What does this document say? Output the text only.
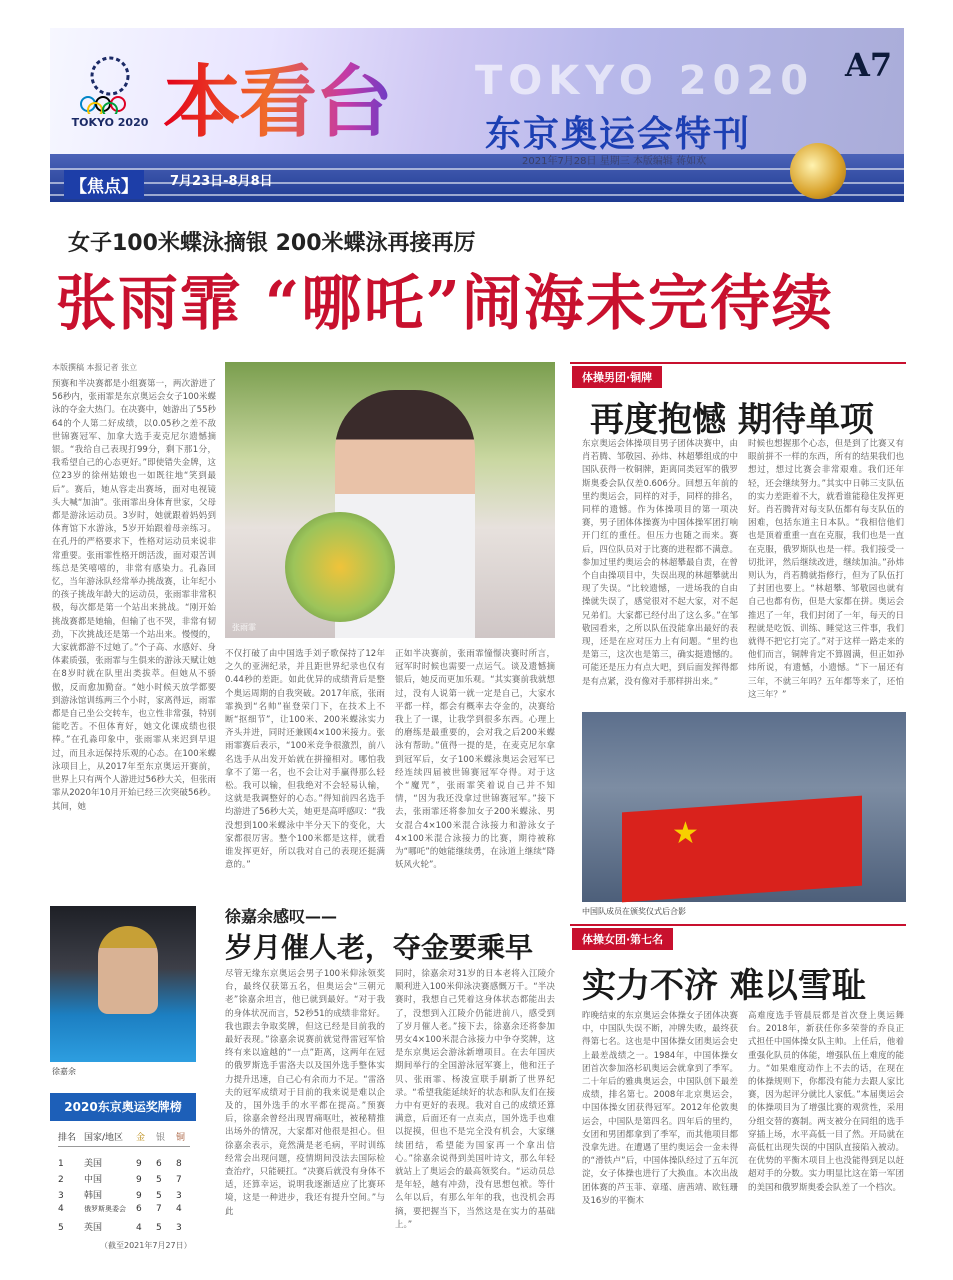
TOKYO 2020 本看台 TOKYO 2020
东京奥运会特刊
2021年7月28日 星期三 本版编辑 蒋如欢
【焦点】	7月23日-8月8日
A7
女子100米蝶泳摘银 200米蝶泳再接再厉
张雨霏 “哪吒”闹海未完待续
本版撰稿 本报记者 张立
预赛和半决赛都是小组赛第一，两次游进了56秒内，张雨霏是东京奥运会女子100米蝶泳的夺金大热门。在决赛中，她游出了55秒64的个人第二好成绩，以0.05秒之差不敌世锦赛冠军、加拿大选手麦克尼尔遗憾摘银。“我给自己表现打99分，剩下那1分，我希望自己的心态更好。”即使错失金牌，这位23岁的徐州姑娘也一如既往地“笑到最后”。赛后，她从容走出赛场，面对电视镜头大喊“加油”。张雨霏出身体育世家，父母都是游泳运动员。3岁时，她就跟着妈妈到体育馆下水游泳，5岁开始跟着母亲练习。在孔丹的严格要求下，性格对运动员来说非常重要。张雨霏性格开朗活泼，面对艰苦训练总是笑嘻嘻的，非常有感染力。孔淼回忆，当年游泳队经常举办挑战赛，让年纪小的孩子挑战年龄大的运动员，张雨霏非常积极，每次都是第一个站出来挑战。“刚开始挑战赛都是她输，但输了也不哭，非常有韧劲，下次挑战还是第一个站出来。慢慢的，大家就都游不过她了。”个子高、水感好、身体素质强，张雨霏与生俱来的游泳天赋让她在8岁时就在队里出类拔萃。但她从不骄傲，反而愈加勤奋。“她小时候天放学都要到游泳馆训练两三个小时，家离得远，雨霏都是自己坐公交转车，也立性非常强，特别能吃苦。不但体育好，她文化课成绩也很棒。”在孔淼印象中，张雨霏从来迟到早退过，而且永远保持乐观的心态。在100米蝶泳项目上，从2017年至东京奥运开赛前，世界上只有两个人游进过56秒大关，但张雨霏从2020年10月开始已经三次突破56秒。其间，她
张雨霏
不仅打破了由中国选手刘子歌保持了12年之久的亚洲纪录，并且距世界纪录也仅有0.44秒的差距。如此优异的成绩背后是整个奥运周期的自我突破。2017年底，张雨霏换到“名帅”崔登荣门下，在技术上不断“抠细节”，让100米、200米蝶泳实力齐头并进，同时还兼顾4×100米接力。张雨霏赛后表示，“100米竞争很激烈，前八名选手从出发开始就在拼撞相对。哪怕我拿不了第一名，也不会让对手赢得那么轻松。我可以输，但我绝对不会轻易认输，这就是我调整好的心态。”得知前四名选手均游进了56秒大关，她更是高呼感叹：“我没想到100米蝶泳中半分天下的变化，大家都很厉害。整个100米都是这样，就看谁发挥更好，所以我对自己的表现还挺满意的。”
正如半决赛前，张雨霏憧憬决赛时所言，冠军时时候也需要一点运气。谈及遗憾摘银后，她反而更加乐观。“其实赛前我就想过，没有人说第一就一定是自己，大家水平都一样，都会有概率去夺金的，决赛给我上了一课，让我学到很多东西。心理上的磨练是最重要的，会对我之后200米蝶泳有帮助。”值得一提的是，在麦克尼尔拿到冠军后，女子100米蝶泳奥运会冠军已经连续四届被世锦赛冠军夺得。对于这个“魔咒”，张雨霏笑着说自己并不知情，“因为我还没拿过世锦赛冠军。”接下去，张雨霏还将参加女子200米蝶泳、男女混合4×100米混合泳接力和游泳女子4×100米混合泳接力的比赛，期待被称为“哪吒”的她能继续勇，在泳道上继续“降妖风火轮”。
徐嘉余感叹——
岁月催人老，夺金要乘早
尽管无缘东京奥运会男子100米仰泳领奖台，最终仅获第五名，但奥运会“三朝元老”徐嘉余坦言，他已就到最好。“对于我的身体状况而言，52秒51的成绩非常好。我也跟去争取奖牌，但这已经是目前我的最好表现。”徐嘉余说赛前就觉得雷冠军恰终有来以逾越的“一点”距离，这两年在冠的俄罗斯选手雷洛夫以及国外选手整体实力提升迅速，自己心有余而力不足。“雷洛夫的冠军成绩对于目前的我来说是难以企及的，国外选手的水平都在提高。”预赛后，徐嘉余曾经出现胃痛呕吐，被秘精推出场外的情况，大家都对他很是担心。但徐嘉余表示，竟然满是老毛病，平时训练经常会出现问题，疫情期间没法去国际检查治疗，只能硬扛。“决赛后就没有身体不适，还算幸运，说明我逐渐适应了比赛环境，这是一种进步，我还有提升空间。”与此
同时，徐嘉余对31岁的日本老将入江陵介顺利进入100米仰泳决赛感慨万千。“半决赛时，我想自己凭着这身体状态都能出去了，没想到入江陵介仍能进前八，感受到了岁月催人老。”接下去，徐嘉余还将参加男女4×100米混合泳接力中争夺奖牌，这是东京奥运会游泳新增项目。在去年国庆期间举行的全国游泳冠军赛上，他和汪子贝、张雨霏、杨浚宣联手刷新了世界纪录。“希望我能延续好的状态和队友们在接力中有更好的表现。我对自己的成绩还算满意，后面还有一点卖点，国外选手也难以捉摸，但也不是完全没有机会，大家继续团结，希望能为国家再一个拿出信心。”徐嘉余说得到美国叶诗文，那么年轻就站上了奥运会的最高领奖台。“运动员总是年轻，越有冲劲，没有思想包袱。等什么年以后，有那么年年的我，也没机会再摘，要把握当下，当然这是在实力的基础上。”
徐嘉余
2020东京奥运奖牌榜
排名 国家/地区 金 银 铜
1 美国	9 6 8
2 中国	9 5 7
3 韩国	9 5 3
4	俄罗斯奥委会 6 7 4
5 英国	4 5 3
（截至2021年7月27日）
体操男团·铜牌
再度抱憾 期待单项
东京奥运会体操项目男子团体决赛中，由肖若腾、邹敬园、孙炜、林超攀组成的中国队获得一枚铜牌，距离同类冠军的俄罗斯奥委会队仅差0.606分。回想五年前的里约奥运会，同样的对手，同样的排名，同样的遗憾。作为体操项目的第一项决赛，男子团体体操赛为中国体操军团打响开门红的重任。但压力也随之而来。赛后，四位队员对于比赛的进程都不满意。参加过里约奥运会的林超攀最自责，在曾个自由操项目中，失误出现的林超攀就出现了失误。“比较遗憾，一进场我的自由操就失误了，感觉很对不起大家，对不起兄弟们。大家都已经付出了这么多。”在邹敬园看来，之所以队伍没能拿出最好的表现，还是在应对压力上有问题。“里约也是第三，这次也是第三，确实挺遗憾的。可能还是压力有点大吧，到后面发挥得都是有点紧，没有像对手那样拼出来。”
时候也想握那个心态，但是到了比赛又有眼前拼不一样的东西，所有的结果我们也想过，想过比赛会非常艰难。我们还年轻，还会继续努力。”其实中日韩三支队伍的实力差距着不大，就看谁能稳住发挥更好。肖若腾背对每支队伍都有每支队伍的困难，包括东道主日本队。“我相信他们也是顶着重重一直在克服，我们也是一直在克服，俄罗斯队也是一样。我们接受一切批评，然后继续改进，继续加油。”孙炜则认为，肖若腾就指修行，但为了队伍打了封团也要上。“林超攀、邹敬园也就有自己也都有伤，但是大家都在拼。奥运会推迟了一年，我们封闭了一年，每天的日程就是吃饭、训练、睡觉这三件事，我们就得不把它打完了。”对于这样一路走来的他们而言，铜牌肯定不算圆满，但正如孙炜所说，有遗憾，小遗憾。“下一届还有三年，不就三年吗？五年都等来了，还怕这三年？”
★
中国队成员在颁奖仪式后合影
体操女团·第七名
实力不济 难以雪耻
昨晚结束的东京奥运会体操女子团体决赛中，中国队失误不断，冲牌失败，最终获得第七名。这也是中国体操女团奥运会史上最差战绩之一。1984年，中国体操女团首次参加洛杉矶奥运会就拿到了季军。二十年后的雅典奥运会，中国队创下最差成绩，排名第七。2008年北京奥运会，中国体操女团获得冠军。2012年伦敦奥运会，中国队是第四名。四年后的里约，女团和男团都拿到了季军，而其他项目都没拿先进。在遭遇了里约奥运会一金未得的“滑铁卢”后，中国体操队经过了五年沉淀，女子体操也进行了大换血。本次出战团体赛的芦玉菲、章瑾、唐茜靖、欧钰珊及16岁的平衡木
高难度选手管晨辰都是首次登上奥运舞台。2018年，新获任你多荣誉的乔良正式担任中国体操女队主帅。上任后，他着重强化队员的体能，增强队伍上难度的能力。“如果难度动作上不去的话，在现在的体操规则下，你都没有能力去跟人家比赛，因为起评分就比人家低。”本届奥运会的体操项目为了增强比赛的观赏性，采用分组交替的赛制。两支被分在同组的选手穿插上场，水平高低一目了然。开局就在高低杠出现失误的中国队直接陷入被动。在优势的平衡木项目上也没能得到足以赶超对手的分数。实力明显比这在第一军团的美国和俄罗斯奥委会队差了一个档次。
